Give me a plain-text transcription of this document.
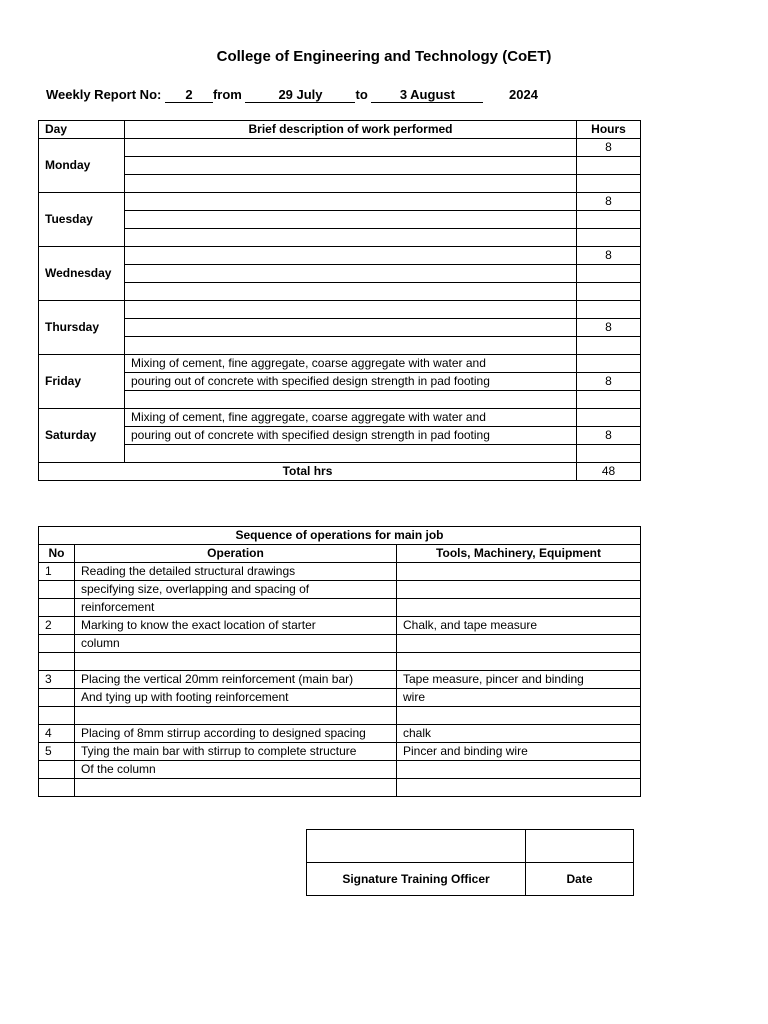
College of Engineering and Technology (CoET)
Weekly Report No: 2 from	29 July	to 3 August	2024
Day	Brief description of work performed	Hours
Monday		8

Tuesday		8

Wednesday		8

Thursday		
		8

Friday	Mixing of cement, fine aggregate, coarse aggregate with water and	
	pouring out of concrete with specified design strength in pad footing	8

Saturday	Mixing of cement, fine aggregate, coarse aggregate with water and	
	pouring out of concrete with specified design strength in pad footing	8

Total hrs		48
Sequence of operations for main job		
No	Operation	Tools, Machinery, Equipment
1	Reading the detailed structural drawings	
	specifying size, overlapping and spacing of	
	reinforcement	
2	Marking to know the exact location of starter	Chalk, and tape measure
	column	

3	Placing the vertical 20mm reinforcement (main bar)	Tape measure, pincer and binding
	And tying up with footing reinforcement	wire

4	Placing of 8mm stirrup according to designed spacing	chalk
5	Tying the main bar with stirrup to complete structure	Pincer and binding wire
	Of the column	

Signature Training Officer	Date
